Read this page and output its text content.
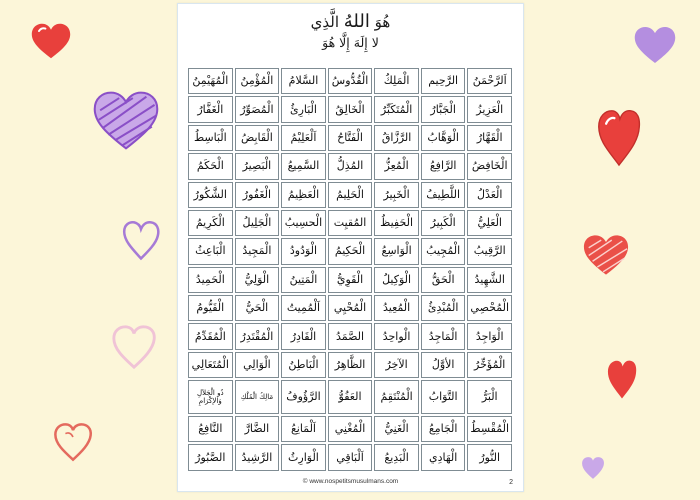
هُوَ اللهُ الَّذِي
لا إِلَهَ إِلَّا هُوَ
اَلرَّحْمَنُ	الرَّحِيم	الْمَلِكُ	الْقُدُّوسُ	السَّلامُ	الْمُؤْمِنُ	الْمُهَيْمِنُ
الْعَزِيزُ	الْجَبَّارُ	الْمُتَكَبِّرُ	الْخَالِقُ	الْبَارِئُ	الْمُصَوِّرُ	الْغَفَّارُ
الْقَهَّارُ	الْوَهَّابُ	الرَّزَّاقُ	الْفَتَّاحُ	اَلْعَلِيْمُ	الْقَابِضُ	الْبَاسِطُ
الْخَافِضُ	الرَّافِعُ	الْمُعِزُّ	المُذِلُّ	السَّمِيعُ	الْبَصِيرُ	الْحَكَمُ
الْعَدْلُ	اللَّطِيفُ	الْخَبِيرُ	الْحَلِيمُ	الْعَظِيمُ	الْغَفُورُ	الشَّكُورُ
الْعَلِيُّ	الْكَبِيرُ	الْحَفِيظُ	المُقيِت	الْحسِيبُ	الْجَلِيلُ	الْكَرِيمُ
الرَّقِيبُ	الْمُجِيبُ	الْوَاسِعُ	الْحَكِيمُ	الْوَدُودُ	الْمَجِيدُ	الْبَاعِثُ
الشَّهِيدُ	الْحَقُّ	الْوَكِيلُ	الْقَوِيُّ	الْمَتِينُ	الْوَلِيُّ	الْحَمِيدُ
الْمُحْصِي	الْمُبْدِئُ	الْمُعِيدُ	الْمُحْيِي	اَلْمُمِيتُ	الْحَيُّ	الْقَيُّومُ
الْوَاجِدُ	الْمَاجِدُ	الْواحِدُ	الصَّمَدُ	الْقَادِرُ	الْمُقْتَدِرُ	الْمُقَدِّمُ
الْمُؤَخِّرُ	الأوَّلُ	الآخِرُ	الظَّاهِرُ	الْبَاطِنُ	الْوَالِي	الْمُتَعَالِي
الْبَرُّ	التَّوَابُ	الْمُنْتَقِمُ	العَفُوُّ	الرَّؤُوفُ	مَالِكُ الْمُلْكِ	ذُو الْجَلاَلِ وَالإكْرَامِ
الْمُقْسِطُ	الْجَامِعُ	الْغَنِيُّ	الْمُغْنِي	اَلْمَانِعُ	الضَّارَّ	النَّافِعُ
النُّورُ	الْهَادِي	الْبَدِيعُ	اَلْبَاقِي	الْوَارِثُ	الرَّشِيدُ	الصَّبُورُ
© www.nospetitsmusulmans.com	2
